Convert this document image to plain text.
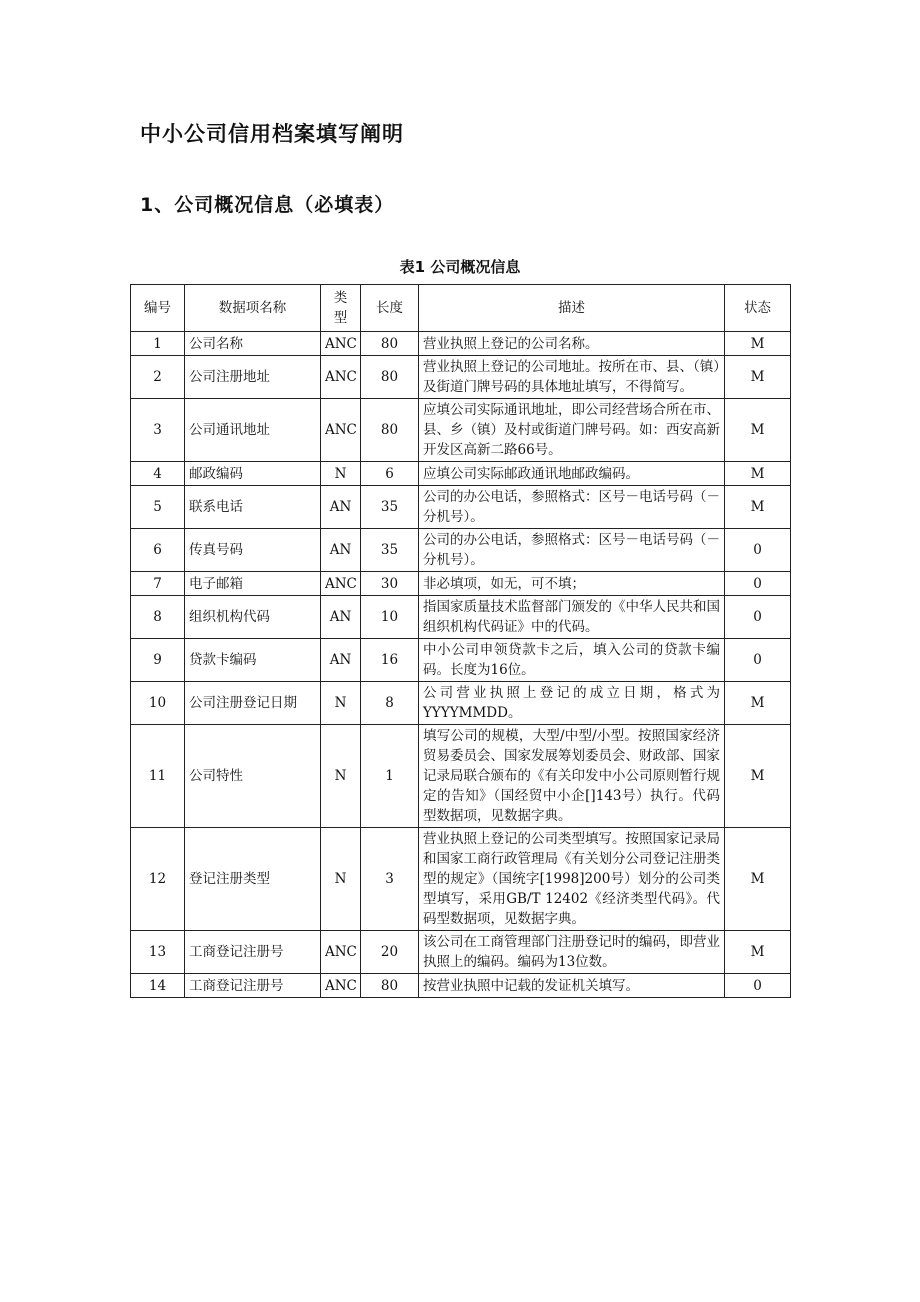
中小公司信用档案填写阐明
1、公司概况信息（必填表）
表1 公司概况信息
编号	数据项名称	类型	长度	描述	状态
1	公司名称	ANC	80	营业执照上登记的公司名称。	M
2	公司注册地址	ANC	80	营业执照上登记的公司地址。按所在市、县、（镇）及街道门牌号码的具体地址填写，不得简写。	M
3	公司通讯地址	ANC	80	应填公司实际通讯地址，即公司经营场合所在市、县、乡（镇）及村或街道门牌号码。如：西安高新开发区高新二路66号。	M
4	邮政编码	N	6	应填公司实际邮政通讯地邮政编码。	M
5	联系电话	AN	35	公司的办公电话，参照格式：区号－电话号码（－分机号）。	M
6	传真号码	AN	35	公司的办公电话，参照格式：区号－电话号码（－分机号）。	0
7	电子邮箱	ANC	30	非必填项，如无，可不填；	0
8	组织机构代码	AN	10	指国家质量技术监督部门颁发的《中华人民共和国组织机构代码证》中的代码。	0
9	贷款卡编码	AN	16	中小公司申领贷款卡之后，填入公司的贷款卡编码。长度为16位。	0
10	公司注册登记日期	N	8	公司营业执照上登记的成立日期，格式为YYYYMMDD。	M
11	公司特性	N	1	填写公司的规模，大型/中型/小型。按照国家经济贸易委员会、国家发展筹划委员会、财政部、国家记录局联合颁布的《有关印发中小公司原则暂行规定的告知》（国经贸中小企[]143号）执行。代码型数据项，见数据字典。	M
12	登记注册类型	N	3	营业执照上登记的公司类型填写。按照国家记录局和国家工商行政管理局《有关划分公司登记注册类型的规定》（国统字[1998]200号）划分的公司类型填写，采用GB/T 12402《经济类型代码》。代码型数据项，见数据字典。	M
13	工商登记注册号	ANC	20	该公司在工商管理部门注册登记时的编码，即营业执照上的编码。编码为13位数。	M
14	工商登记注册号	ANC	80	按营业执照中记载的发证机关填写。	0
